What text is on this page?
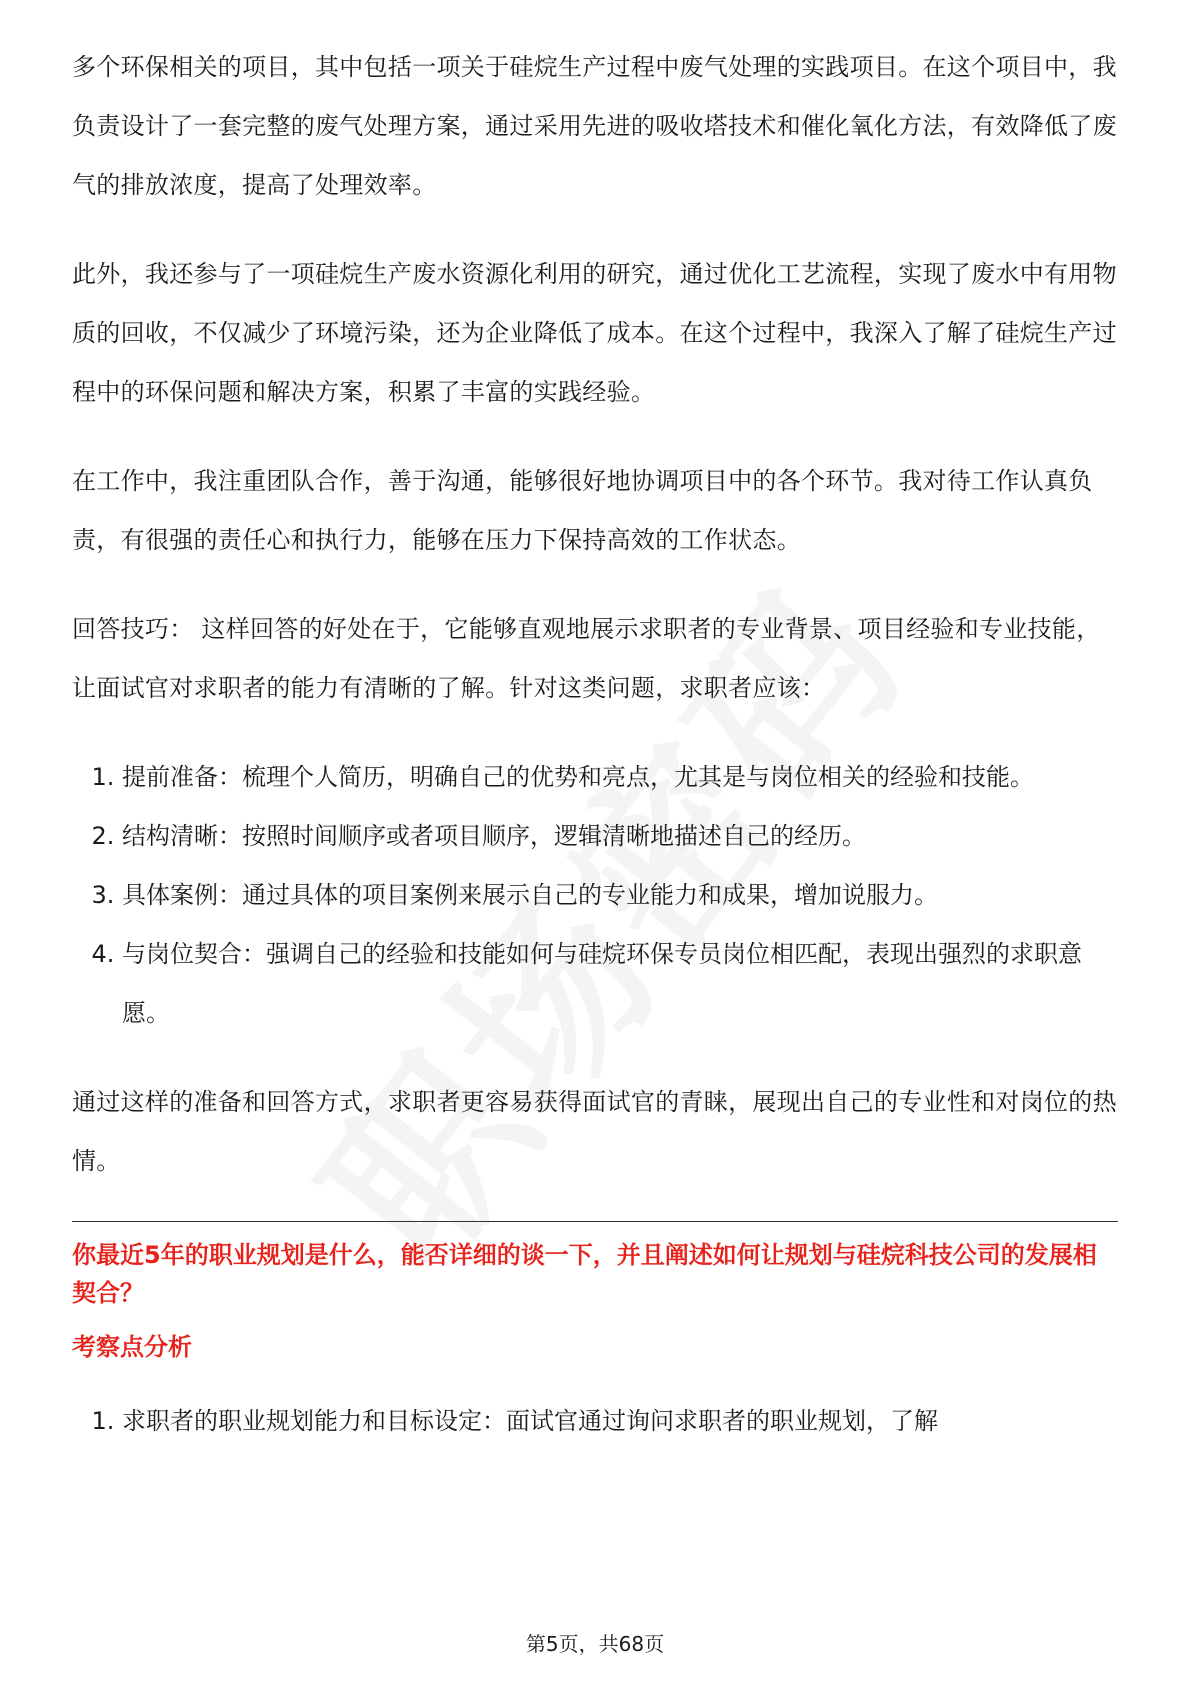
多个环保相关的项目，其中包括一项关于硅烷生产过程中废气处理的实践项目。在这个项目中，我负责设计了一套完整的废气处理方案，通过采用先进的吸收塔技术和催化氧化方法，有效降低了废气的排放浓度，提高了处理效率。

此外，我还参与了一项硅烷生产废水资源化利用的研究，通过优化工艺流程，实现了废水中有用物质的回收，不仅减少了环境污染，还为企业降低了成本。在这个过程中，我深入了解了硅烷生产过程中的环保问题和解决方案，积累了丰富的实践经验。

在工作中，我注重团队合作，善于沟通，能够很好地协调项目中的各个环节。我对待工作认真负责，有很强的责任心和执行力，能够在压力下保持高效的工作状态。

回答技巧： 这样回答的好处在于，它能够直观地展示求职者的专业背景、项目经验和专业技能，让面试官对求职者的能力有清晰的了解。针对这类问题，求职者应该：

1. 提前准备：梳理个人简历，明确自己的优势和亮点，尤其是与岗位相关的经验和技能。
2. 结构清晰：按照时间顺序或者项目顺序，逻辑清晰地描述自己的经历。
3. 具体案例：通过具体的项目案例来展示自己的专业能力和成果，增加说服力。
4. 与岗位契合：强调自己的经验和技能如何与硅烷环保专员岗位相匹配，表现出强烈的求职意愿。

通过这样的准备和回答方式，求职者更容易获得面试官的青睐，展现出自己的专业性和对岗位的热情。

你最近5年的职业规划是什么，能否详细的谈一下，并且阐述如何让规划与硅烷科技公司的发展相契合？
考察点分析
1. 求职者的职业规划能力和目标设定：面试官通过询问求职者的职业规划，了解
第5页，共68页
